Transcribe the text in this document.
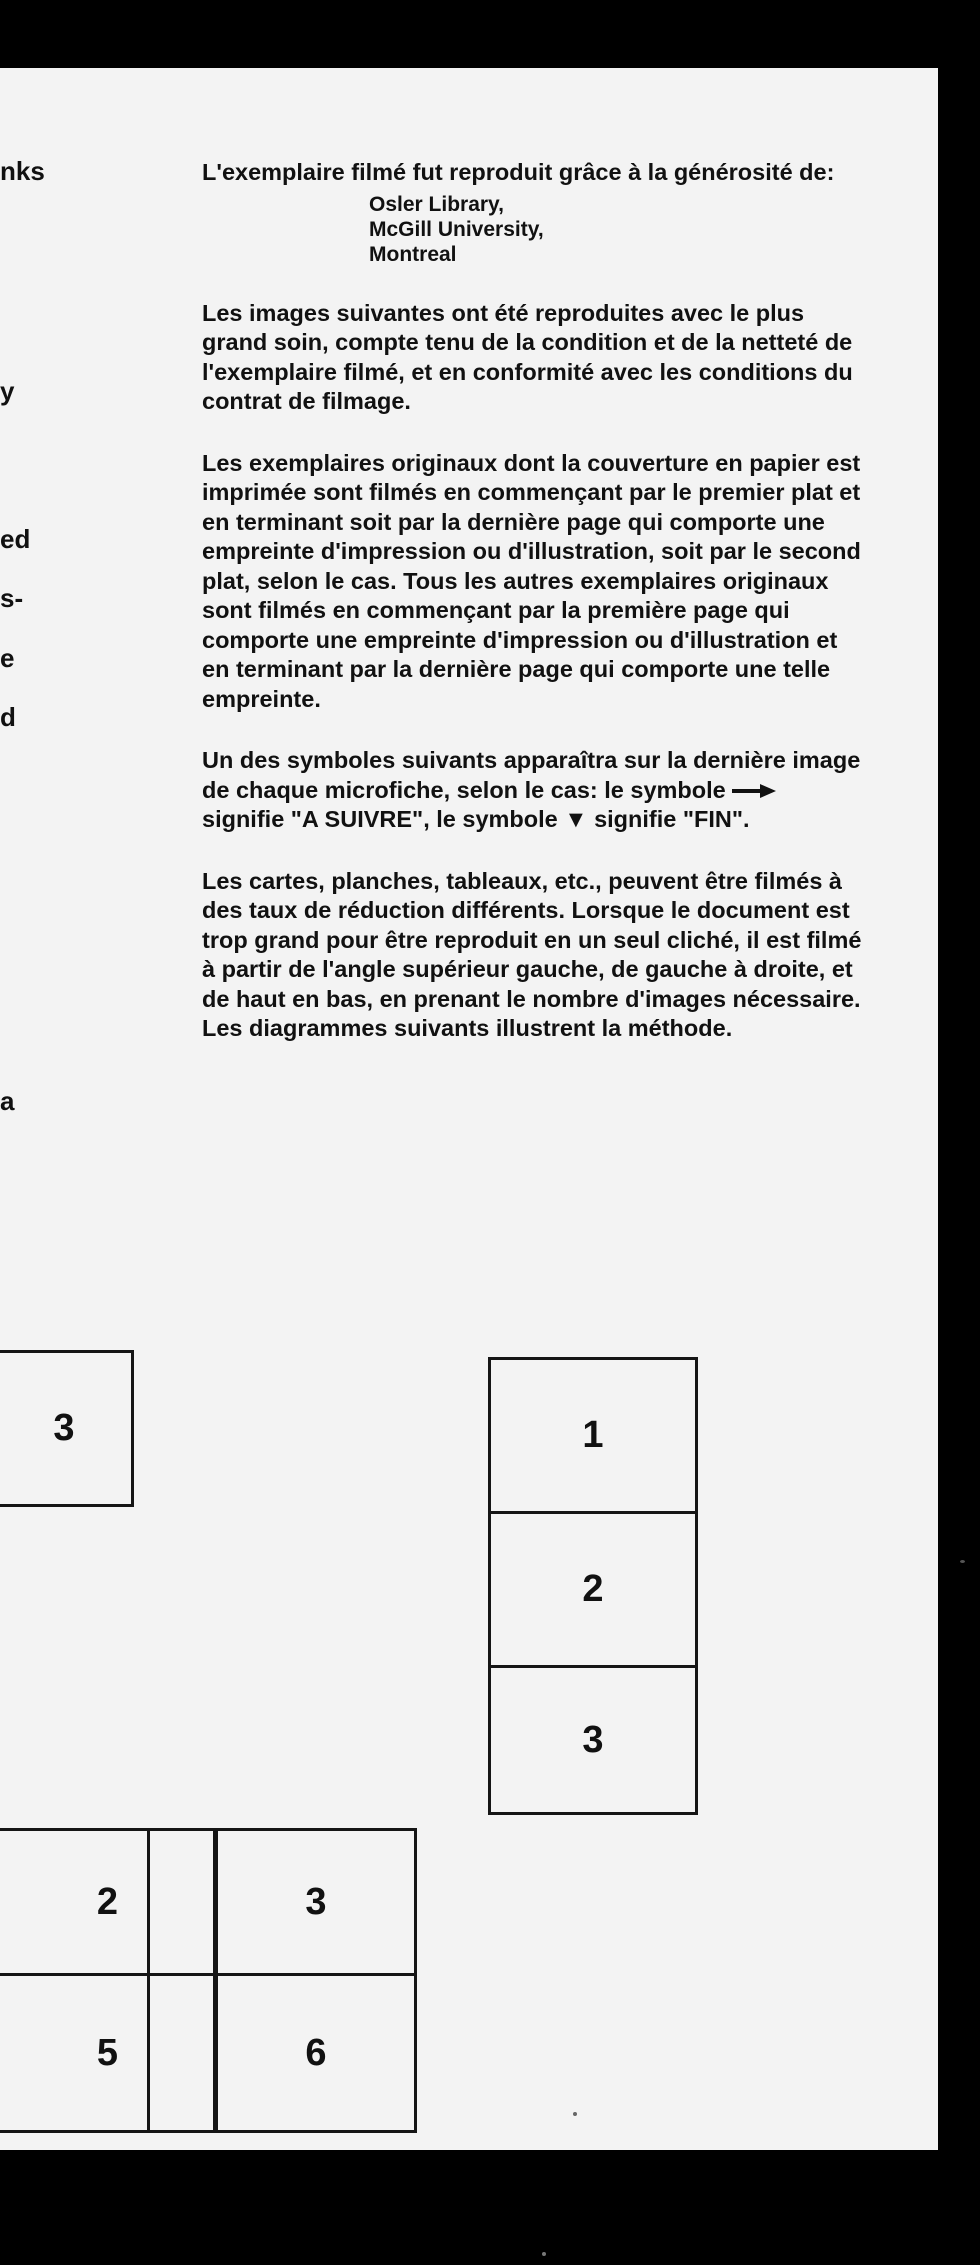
nks
y
ed
s-
e
d
a

L'exemplaire filmé fut reproduit grâce à la générosité de:

Osler Library,
McGill University,
Montreal

Les images suivantes ont été reproduites avec le plus grand soin, compte tenu de la condition et de la netteté de l'exemplaire filmé, et en conformité avec les conditions du contrat de filmage.

Les exemplaires originaux dont la couverture en papier est imprimée sont filmés en commençant par le premier plat et en terminant soit par la dernière page qui comporte une empreinte d'impression ou d'illustration, soit par le second plat, selon le cas. Tous les autres exemplaires originaux sont filmés en commençant par la première page qui comporte une empreinte d'impression ou d'illustration et en terminant par la dernière page qui comporte une telle empreinte.

Un des symboles suivants apparaîtra sur la dernière image de chaque microfiche, selon le cas: le symbole  signifie "A SUIVRE", le symbole ▼ signifie "FIN".

Les cartes, planches, tableaux, etc., peuvent être filmés à des taux de réduction différents. Lorsque le document est trop grand pour être reproduit en un seul cliché, il est filmé à partir de l'angle supérieur gauche, de gauche à droite, et de haut en bas, en prenant le nombre d'images nécessaire. Les diagrammes suivants illustrent la méthode.

3	1
2
3
2	3
5	6
